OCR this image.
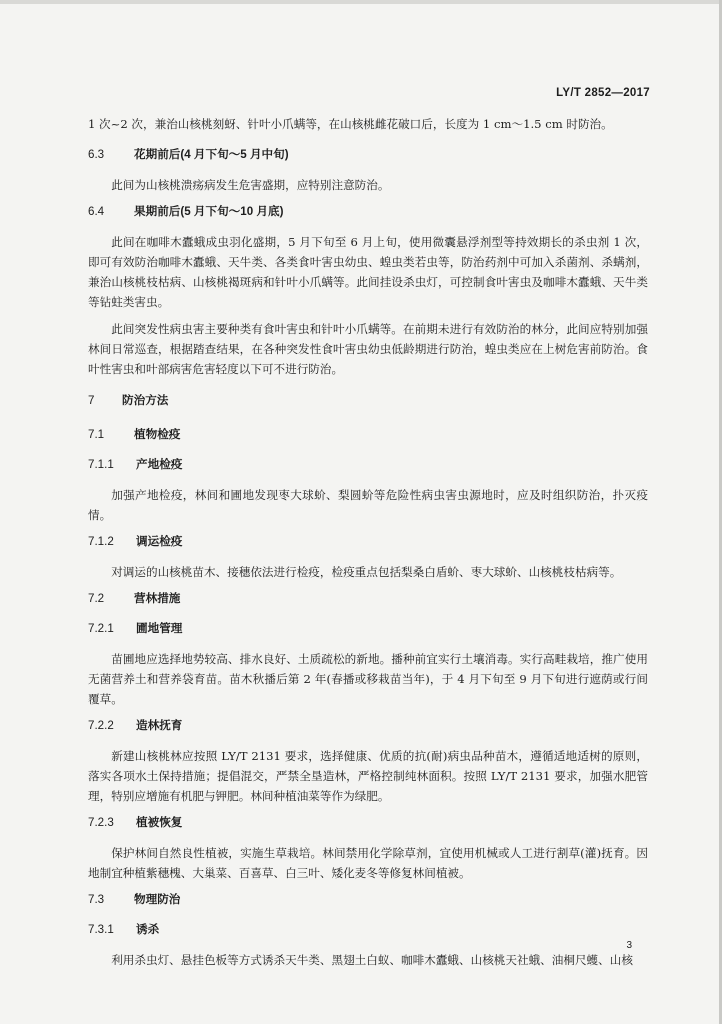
LY/T 2852—2017

1 次~2 次，兼治山核桃刻蚜、针叶小爪螨等，在山核桃雌花破口后，长度为 1 cm～1.5 cm 时防治。

6.3	花期前后(4 月下旬～5 月中旬)

此间为山核桃溃疡病发生危害盛期，应特别注意防治。

6.4	果期前后(5 月下旬～10 月底)

此间在咖啡木蠹蛾成虫羽化盛期，5 月下旬至 6 月上旬，使用微囊悬浮剂型等持效期长的杀虫剂 1 次，即可有效防治咖啡木蠹蛾、天牛类、各类食叶害虫幼虫、蝗虫类若虫等，防治药剂中可加入杀菌剂、杀螨剂，兼治山核桃枝枯病、山核桃褐斑病和针叶小爪螨等。此间挂设杀虫灯，可控制食叶害虫及咖啡木蠹蛾、天牛类等钻蛀类害虫。

此间突发性病虫害主要种类有食叶害虫和针叶小爪螨等。在前期未进行有效防治的林分，此间应特别加强林间日常巡查，根据踏查结果，在各种突发性食叶害虫幼虫低龄期进行防治，蝗虫类应在上树危害前防治。食叶性害虫和叶部病害危害轻度以下可不进行防治。

7 防治方法
7.1	植物检疫
7.1.1 产地检疫

加强产地检疫，林间和圃地发现枣大球蚧、梨圆蚧等危险性病虫害虫源地时，应及时组织防治，扑灭疫情。

7.1.2 调运检疫

对调运的山核桃苗木、接穗依法进行检疫，检疫重点包括梨桑白盾蚧、枣大球蚧、山核桃枝枯病等。

7.2	营林措施
7.2.1 圃地管理

苗圃地应选择地势较高、排水良好、土质疏松的新地。播种前宜实行土壤消毒。实行高畦栽培，推广使用无菌营养土和营养袋育苗。苗木秋播后第 2 年(春播或移栽苗当年)，于 4 月下旬至 9 月下旬进行遮荫或行间覆草。

7.2.2 造林抚育

新建山核桃林应按照 LY/T 2131 要求，选择健康、优质的抗(耐)病虫品种苗木，遵循适地适树的原则，落实各项水土保持措施；提倡混交，严禁全垦造林，严格控制纯林面积。按照 LY/T 2131 要求，加强水肥管理，特别应增施有机肥与钾肥。林间种植油菜等作为绿肥。

7.2.3 植被恢复

保护林间自然良性植被，实施生草栽培。林间禁用化学除草剂，宜使用机械或人工进行割草(灌)抚育。因地制宜种植紫穗槐、大巢菜、百喜草、白三叶、矮化麦冬等修复林间植被。

7.3	物理防治
7.3.1 诱杀

利用杀虫灯、悬挂色板等方式诱杀天牛类、黑翅土白蚁、咖啡木蠹蛾、山核桃天社蛾、油桐尺蠖、山核

3
